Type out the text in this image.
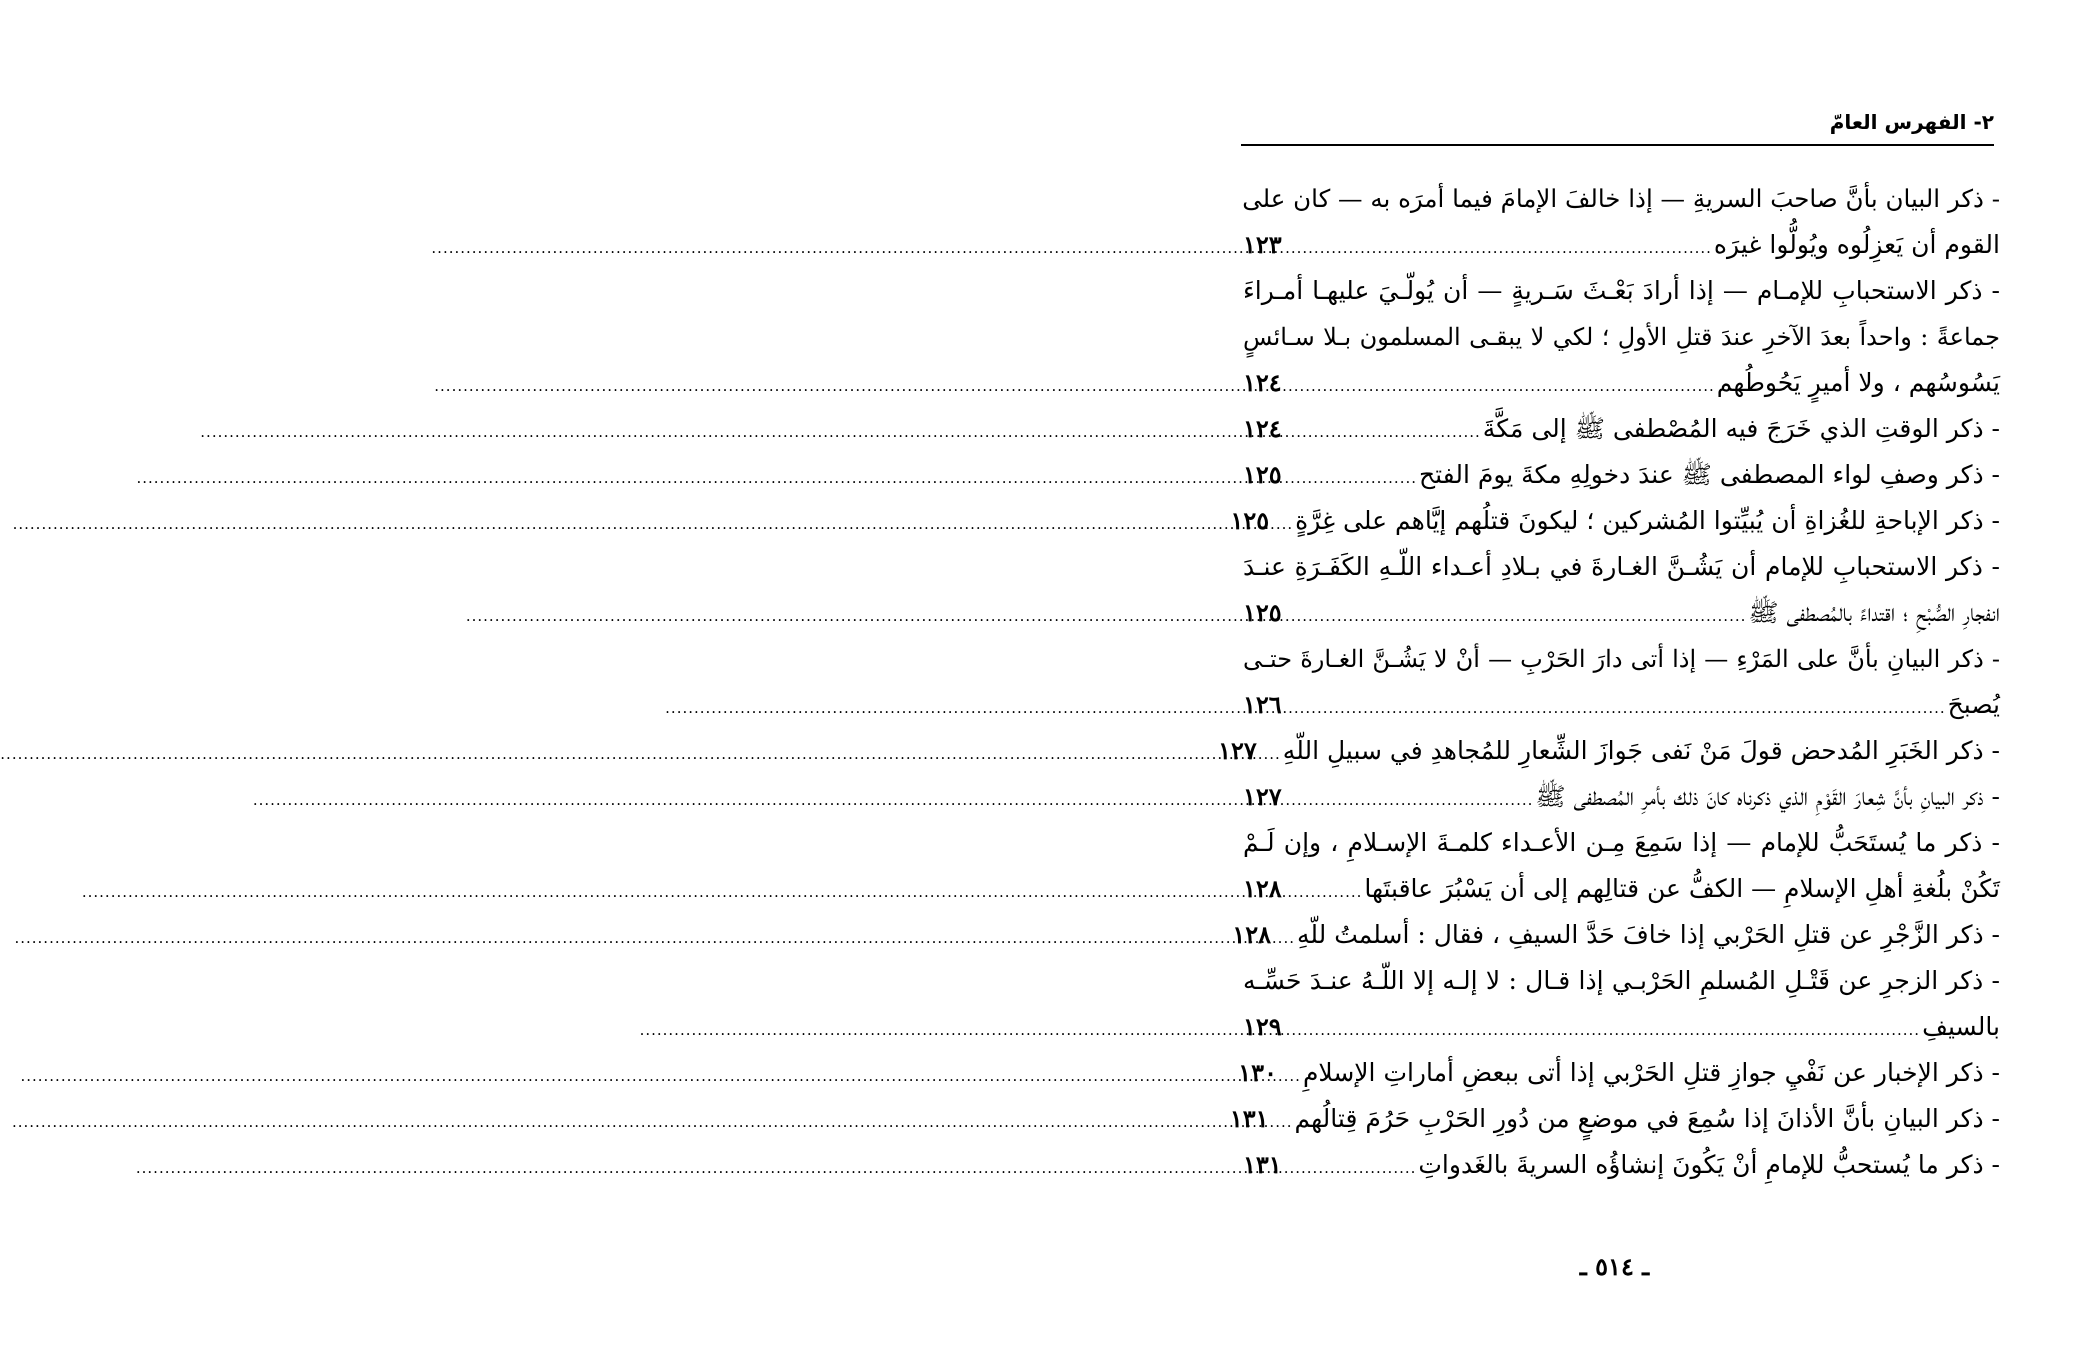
٢- الفهرس العامّ
- ذكر البيان بأنَّ صاحبَ السريةِ — إذا خالفَ الإمامَ فيما أمرَه به — كان على
القوم أن يَعزِلُوه ويُولُّوا غيرَه
.....
١٢٣
- ذكر الاستحبابِ للإمـام — إذا أرادَ بَعْـثَ سَـريةٍ — أن يُولّـيَ عليهـا أمـراءَ
جماعةً : واحداً بعدَ الآخرِ عندَ قتلِ الأولِ ؛ لكي لا يبقـى المسلمون بـلا سـائسٍ
يَسُوسُهم ، ولا أميرٍ يَحُوطُهم
.....
١٢٤
- ذكر الوقتِ الذي خَرَجَ فيه المُصْطفى ﷺ إلى مَكَّةَ
.....
١٢٤
- ذكر وصفِ لواء المصطفى ﷺ عندَ دخولِهِ مكةَ يومَ الفتح
.....
١٢٥
- ذكر الإباحةِ للغُزاةِ أن يُبيِّتوا المُشركين ؛ ليكونَ قتلُهم إيَّاهم على غِرَّةٍ
.....
١٢٥
- ذكر الاستحبابِ للإمام أن يَشُـنَّ الغـارةَ في بـلادِ أعـداء اللّـهِ الكَفَـرَةِ عنـدَ
انفجارِ الصُّبْحِ ؛ اقتداءً بالمُصطفى ﷺ
.....
١٢٥
- ذكر البيانِ بأنَّ على المَرْءِ — إذا أتى دارَ الحَرْبِ — أنْ لا يَشُـنَّ الغـارةَ حتـى
يُصبحَ
.....
١٢٦
- ذكر الخَبَرِ المُدحض قولَ مَنْ نَفى جَوازَ الشِّعارِ للمُجاهدِ في سبيلِ اللّهِ
.....
١٢٧
- ذكر البيانِ بأنَّ شِعارَ القَوْمِ الذي ذكرناه كانَ ذلك بأمرِ المُصطفى ﷺ
.....
١٢٧
- ذكر ما يُستَحَبُّ للإمام — إذا سَمِعَ مِـن الأعـداء كلمـةَ الإسـلامِ ، وإن لَـمْ
تَكُنْ بلُغةِ أهلِ الإسلامِ — الكفُّ عن قتالِهم إلى أن يَسْبُرَ عاقبتَها
.....
١٢٨
- ذكر الزَّجْرِ عن قتلِ الحَرْبي إذا خافَ حَدَّ السيفِ ، فقال : أسلمتُ للّهِ
.....
١٢٨
- ذكر الزجرِ عن قَتْـلِ المُسلمِ الحَرْبـي إذا قـال : لا إلـه إلا اللّـهُ عنـدَ حَسِّـه
بالسيفِ
.....
١٢٩
- ذكر الإخبار عن نَفْيِ جوازِ قتلِ الحَرْبي إذا أتى ببعضِ أماراتِ الإسلامِ
.....
١٣٠
- ذكر البيانِ بأنَّ الأذانَ إذا سُمِعَ في موضعٍ من دُورِ الحَرْبِ حَرُمَ قِتالُهم
.....
١٣١
- ذكر ما يُستحبُّ للإمامِ أنْ يَكُونَ إنشاؤُه السريةَ بالغَدواتِ
.....
١٣١
ـ ٥١٤ ـ
